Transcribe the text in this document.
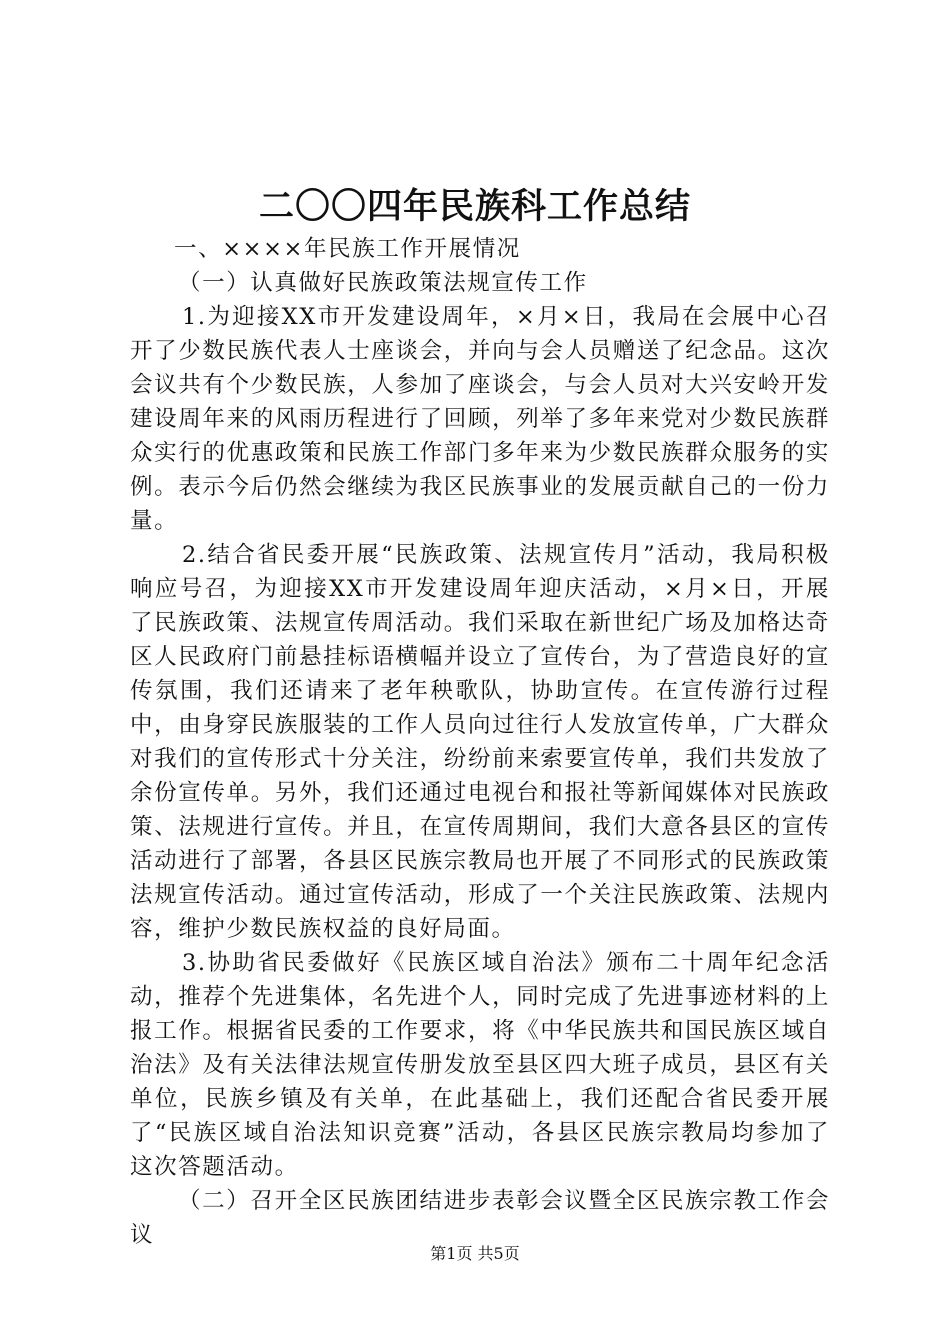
二〇〇四年民族科工作总结

一、××××年民族工作开展情况

（一）认真做好民族政策法规宣传工作

1.为迎接XX市开发建设周年，×月×日，我局在会展中心召开了少数民族代表人士座谈会，并向与会人员赠送了纪念品。这次会议共有个少数民族，人参加了座谈会，与会人员对大兴安岭开发建设周年来的风雨历程进行了回顾，列举了多年来党对少数民族群众实行的优惠政策和民族工作部门多年来为少数民族群众服务的实例。表示今后仍然会继续为我区民族事业的发展贡献自己的一份力量。

2.结合省民委开展“民族政策、法规宣传月”活动，我局积极响应号召，为迎接XX市开发建设周年迎庆活动，×月×日，开展了民族政策、法规宣传周活动。我们采取在新世纪广场及加格达奇区人民政府门前悬挂标语横幅并设立了宣传台，为了营造良好的宣传氛围，我们还请来了老年秧歌队，协助宣传。在宣传游行过程中，由身穿民族服装的工作人员向过往行人发放宣传单，广大群众对我们的宣传形式十分关注，纷纷前来索要宣传单，我们共发放了余份宣传单。另外，我们还通过电视台和报社等新闻媒体对民族政策、法规进行宣传。并且，在宣传周期间，我们大意各县区的宣传活动进行了部署，各县区民族宗教局也开展了不同形式的民族政策法规宣传活动。通过宣传活动，形成了一个关注民族政策、法规内容，维护少数民族权益的良好局面。

3.协助省民委做好《民族区域自治法》颁布二十周年纪念活动，推荐个先进集体，名先进个人，同时完成了先进事迹材料的上报工作。根据省民委的工作要求，将《中华民族共和国民族区域自治法》及有关法律法规宣传册发放至县区四大班子成员，县区有关单位，民族乡镇及有关单，在此基础上，我们还配合省民委开展了“民族区域自治法知识竞赛”活动，各县区民族宗教局均参加了这次答题活动。

（二）召开全区民族团结进步表彰会议暨全区民族宗教工作会议

第1页 共5页
